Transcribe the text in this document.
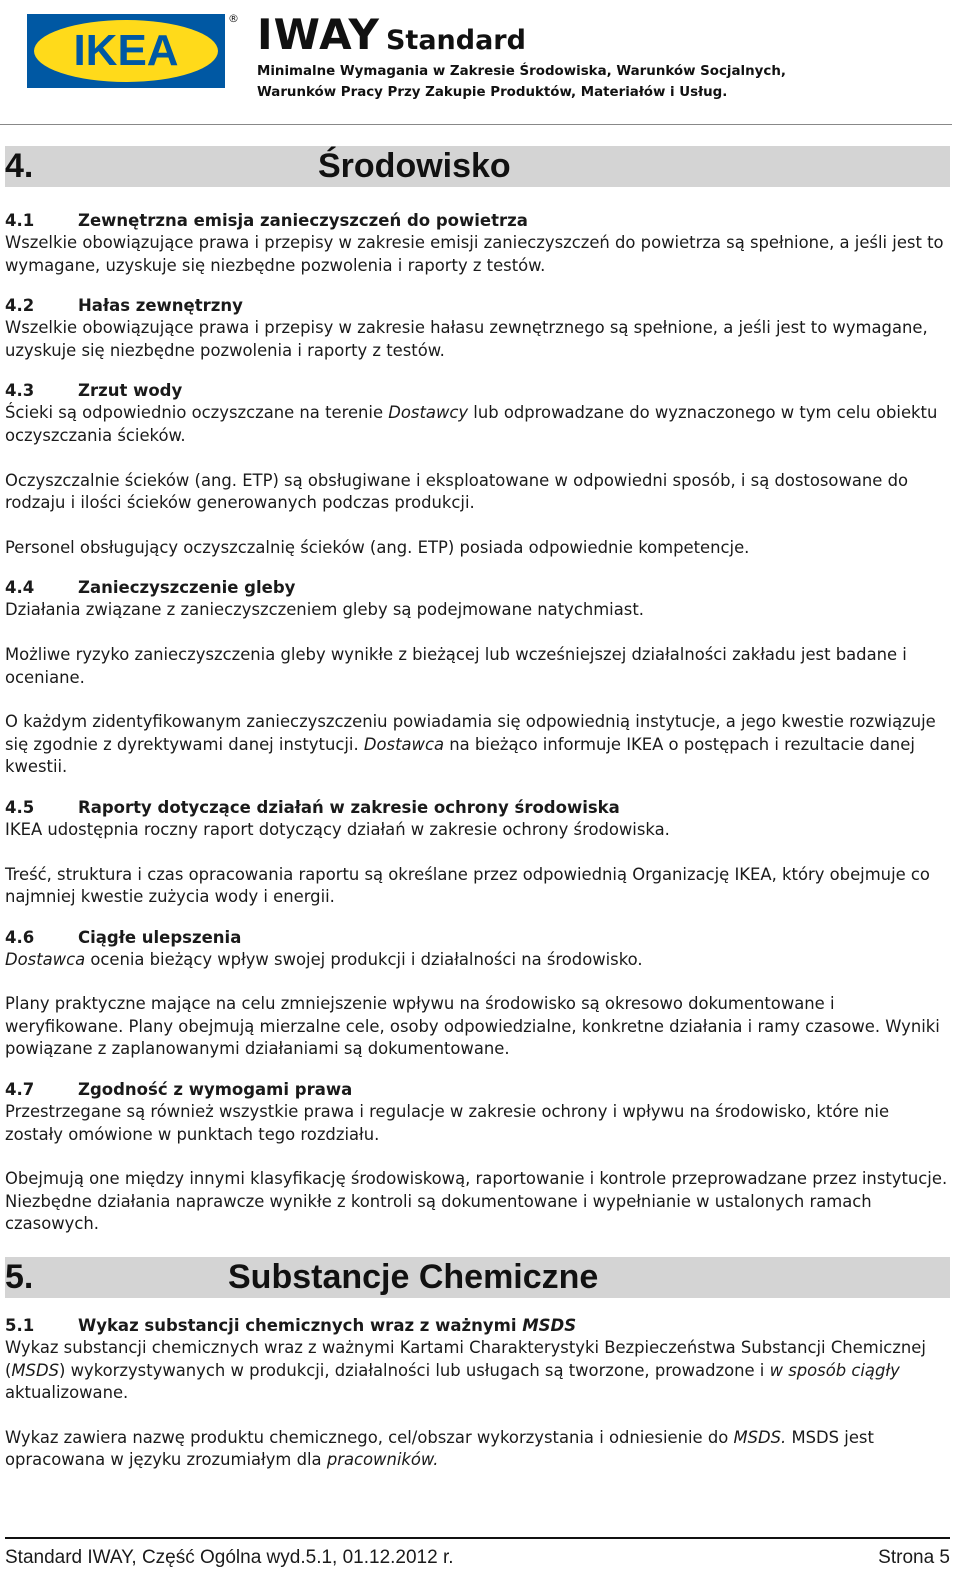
IKEA
® IWAY Standard
Minimalne Wymagania w Zakresie Środowiska, Warunków Socjalnych,
Warunków Pracy Przy Zakupie Produktów, Materiałów i Usług.
4.	Środowisko
4.1	Zewnętrzna emisja zanieczyszczeń do powietrza

Wszelkie obowiązujące prawa i przepisy w zakresie emisji zanieczyszczeń do powietrza są spełnione, a jeśli jest to wymagane, uzyskuje się niezbędne pozwolenia i raporty z testów.

4.2	Hałas zewnętrzny

Wszelkie obowiązujące prawa i przepisy w zakresie hałasu zewnętrznego są spełnione, a jeśli jest to wymagane, uzyskuje się niezbędne pozwolenia i raporty z testów.

4.3	Zrzut wody

Ścieki są odpowiednio oczyszczane na terenie Dostawcy lub odprowadzane do wyznaczonego w tym celu obiektu oczyszczania ścieków.

Oczyszczalnie ścieków (ang. ETP) są obsługiwane i eksploatowane w odpowiedni sposób, i są dostosowane do rodzaju i ilości ścieków generowanych podczas produkcji.

Personel obsługujący oczyszczalnię ścieków (ang. ETP) posiada odpowiednie kompetencje.

4.4	Zanieczyszczenie gleby

Działania związane z zanieczyszczeniem gleby są podejmowane natychmiast.

Możliwe ryzyko zanieczyszczenia gleby wynikłe z bieżącej lub wcześniejszej działalności zakładu jest badane i oceniane.

O każdym zidentyfikowanym zanieczyszczeniu powiadamia się odpowiednią instytucje, a jego kwestie rozwiązuje się zgodnie z dyrektywami danej instytucji. Dostawca na bieżąco informuje IKEA o postępach i rezultacie danej kwestii.

4.5	Raporty dotyczące działań w zakresie ochrony środowiska

IKEA udostępnia roczny raport dotyczący działań w zakresie ochrony środowiska.

Treść, struktura i czas opracowania raportu są określane przez odpowiednią Organizację IKEA, który obejmuje co najmniej kwestie zużycia wody i energii.

4.6	Ciągłe ulepszenia

Dostawca ocenia bieżący wpływ swojej produkcji i działalności na środowisko.

Plany praktyczne mające na celu zmniejszenie wpływu na środowisko są okresowo dokumentowane i weryfikowane. Plany obejmują mierzalne cele, osoby odpowiedzialne, konkretne działania i ramy czasowe. Wyniki powiązane z zaplanowanymi działaniami są dokumentowane.

4.7	Zgodność z wymogami prawa

Przestrzegane są również wszystkie prawa i regulacje w zakresie ochrony i wpływu na środowisko, które nie zostały omówione w punktach tego rozdziału.

Obejmują one między innymi klasyfikację środowiskową, raportowanie i kontrole przeprowadzane przez instytucje. Niezbędne działania naprawcze wynikłe z kontroli są dokumentowane i wypełnianie w ustalonych ramach czasowych.

5.	Substancje Chemiczne
5.1	Wykaz substancji chemicznych wraz z ważnymi MSDS

Wykaz substancji chemicznych wraz z ważnymi Kartami Charakterystyki Bezpieczeństwa Substancji Chemicznej (MSDS) wykorzystywanych w produkcji, działalności lub usługach są tworzone, prowadzone i w sposób ciągły aktualizowane.

Wykaz zawiera nazwę produktu chemicznego, cel/obszar wykorzystania i odniesienie do MSDS. MSDS jest opracowana w języku zrozumiałym dla pracowników.

Standard IWAY, Część Ogólna wyd.5.1, 01.12.2012 r.	Strona 5
